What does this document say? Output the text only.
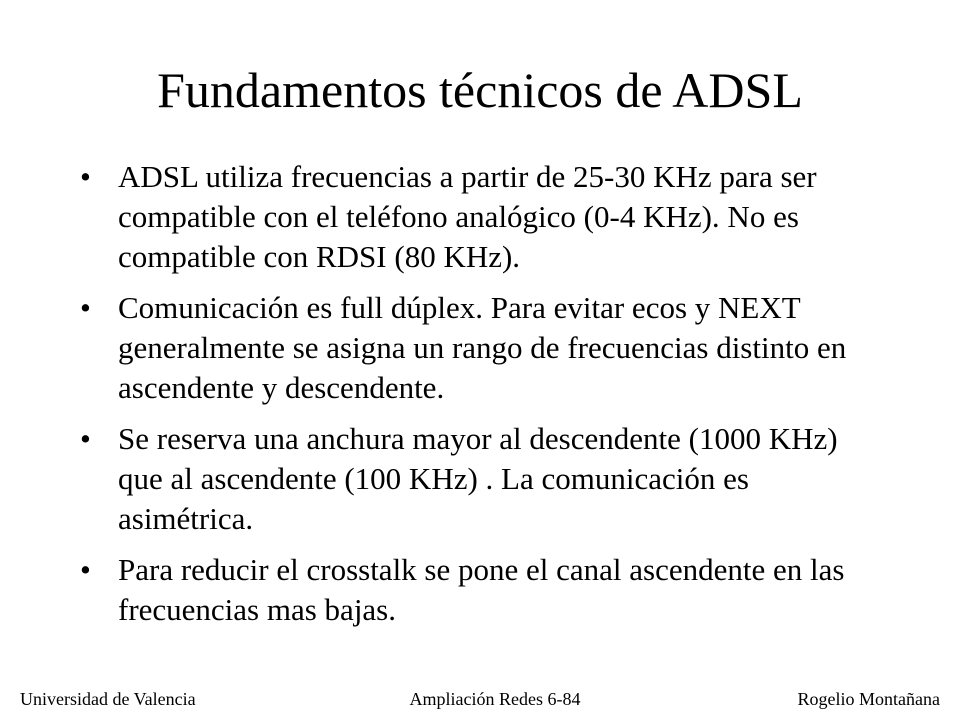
Fundamentos técnicos de ADSL
• ADSL utiliza frecuencias a partir de 25-30 KHz para ser compatible con el teléfono analógico (0-4 KHz). No es compatible con RDSI (80 KHz).
• Comunicación es full dúplex. Para evitar ecos y NEXT generalmente se asigna un rango de frecuencias distinto en ascendente y descendente.
• Se reserva una anchura mayor al descendente (1000 KHz) que al ascendente (100 KHz) . La comunicación es asimétrica.
• Para reducir el crosstalk se pone el canal ascendente en las frecuencias mas bajas.
Universidad de Valencia	Ampliación Redes 6-84	Rogelio Montañana
